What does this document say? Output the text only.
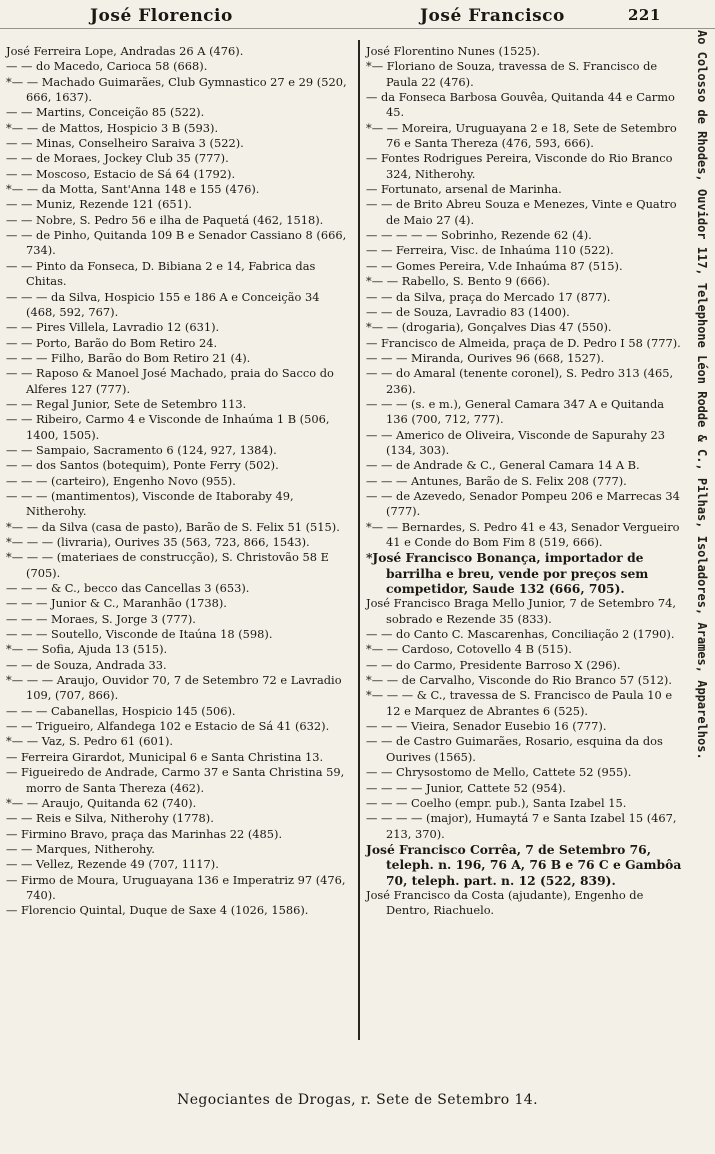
José Florencio	José Francisco	221

José Ferreira Lope, Andradas 26 A (476).

— — do Macedo, Carioca 58 (668).

*— — Machado Guimarães, Club Gymnastico 27 e 29 (520, 666, 1637).

— — Martins, Conceição 85 (522).

*— — de Mattos, Hospicio 3 B (593).

— — Minas, Conselheiro Saraiva 3 (522).

— — de Moraes, Jockey Club 35 (777).

— — Moscoso, Estacio de Sá 64 (1792).

*— — da Motta, Sant'Anna 148 e 155 (476).

— — Muniz, Rezende 121 (651).

— — Nobre, S. Pedro 56 e ilha de Paquetá (462, 1518).

— — de Pinho, Quitanda 109 B e Senador Cassiano 8 (666, 734).

— — Pinto da Fonseca, D. Bibiana 2 e 14, Fabrica das Chitas.

— — — da Silva, Hospicio 155 e 186 A e Conceição 34 (468, 592, 767).

— — Pires Villela, Lavradio 12 (631).

— — Porto, Barão do Bom Retiro 24.

— — — Filho, Barão do Bom Retiro 21 (4).

— — Raposo & Manoel José Machado, praia do Sacco do Alferes 127 (777).

— — Regal Junior, Sete de Setembro 113.

— — Ribeiro, Carmo 4 e Visconde de Inhaúma 1 B (506, 1400, 1505).

— — Sampaio, Sacramento 6 (124, 927, 1384).

— — dos Santos (botequim), Ponte Ferry (502).

— — — (carteiro), Engenho Novo (955).

— — — (mantimentos), Visconde de Itaboraby 49, Nitherohy.

*— — da Silva (casa de pasto), Barão de S. Felix 51 (515).

*— — — (livraria), Ourives 35 (563, 723, 866, 1543).

*— — — (materiaes de construcção), S. Christovão 58 E (705).

— — — & C., becco das Cancellas 3 (653).

— — — Junior & C., Maranhão (1738).

— — — Moraes, S. Jorge 3 (777).

— — — Soutello, Visconde de Itaúna 18 (598).

*— — Sofia, Ajuda 13 (515).

— — de Souza, Andrada 33.

*— — — Araujo, Ouvidor 70, 7 de Setembro 72 e Lavradio 109, (707, 866).

— — — Cabanellas, Hospicio 145 (506).

— — Trigueiro, Alfandega 102 e Estacio de Sá 41 (632).

*— — Vaz, S. Pedro 61 (601).

— Ferreira Girardot, Municipal 6 e Santa Christina 13.

— Figueiredo de Andrade, Carmo 37 e Santa Christina 59, morro de Santa Thereza (462).

*— — Araujo, Quitanda 62 (740).

— — Reis e Silva, Nitherohy (1778).

— Firmino Bravo, praça das Marinhas 22 (485).

— — Marques, Nitherohy.

— — Vellez, Rezende 49 (707, 1117).

— Firmo de Moura, Uruguayana 136 e Imperatriz 97 (476, 740).

— Florencio Quintal, Duque de Saxe 4 (1026, 1586).

José Florentino Nunes (1525).

*— Floriano de Souza, travessa de S. Francisco de Paula 22 (476).

— da Fonseca Barbosa Gouvêa, Quitanda 44 e Carmo 45.

*— — Moreira, Uruguayana 2 e 18, Sete de Setembro 76 e Santa Thereza (476, 593, 666).

— Fontes Rodrigues Pereira, Visconde do Rio Branco 324, Nitherohy.

— Fortunato, arsenal de Marinha.

— — de Brito Abreu Souza e Menezes, Vinte e Quatro de Maio 27 (4).

— — — — — Sobrinho, Rezende 62 (4).

— — Ferreira, Visc. de Inhaúma 110 (522).

— — Gomes Pereira, V.de Inhaúma 87 (515).

*— — Rabello, S. Bento 9 (666).

— — da Silva, praça do Mercado 17 (877).

— — de Souza, Lavradio 83 (1400).

*— — (drogaria), Gonçalves Dias 47 (550).

— Francisco de Almeida, praça de D. Pedro I 58 (777).

— — — Miranda, Ourives 96 (668, 1527).

— — do Amaral (tenente coronel), S. Pedro 313 (465, 236).

— — — (s. e m.), General Camara 347 A e Quitanda 136 (700, 712, 777).

— — Americo de Oliveira, Visconde de Sapurahy 23 (134, 303).

— — de Andrade & C., General Camara 14 A B.

— — — Antunes, Barão de S. Felix 208 (777).

— — de Azevedo, Senador Pompeu 206 e Marrecas 34 (777).

*— — Bernardes, S. Pedro 41 e 43, Senador Vergueiro 41 e Conde do Bom Fim 8 (519, 666).

*José Francisco Bonança, importador de barrilha e breu, vende por preços sem competidor, Saude 132 (666, 705).

José Francisco Braga Mello Junior, 7 de Setembro 74, sobrado e Rezende 35 (833).

— — do Canto C. Mascarenhas, Conciliação 2 (1790).

*— — Cardoso, Cotovello 4 B (515).

— — do Carmo, Presidente Barroso X (296).

*— — de Carvalho, Visconde do Rio Branco 57 (512).

*— — — & C., travessa de S. Francisco de Paula 10 e 12 e Marquez de Abrantes 6 (525).

— — — Vieira, Senador Eusebio 16 (777).

— — de Castro Guimarães, Rosario, esquina da dos Ourives (1565).

— — Chrysostomo de Mello, Cattete 52 (955).

— — — — Junior, Cattete 52 (954).

— — — Coelho (empr. pub.), Santa Izabel 15.

— — — — (major), Humaytá 7 e Santa Izabel 15 (467, 213, 370).

José Francisco Corrêa, 7 de Setembro 76, teleph. n. 196, 76 A, 76 B e 76 C e Gambôa 70, teleph. part. n. 12 (522, 839).

José Francisco da Costa (ajudante), Engenho de Dentro, Riachuelo.

Ao Colosso de Rhodes, Ouvidor 117, Telephone Léon Rodde & C., Pilhas, Isoladores, Arames, Apparelhos.
Negociantes de Drogas, r. Sete de Setembro 14.
